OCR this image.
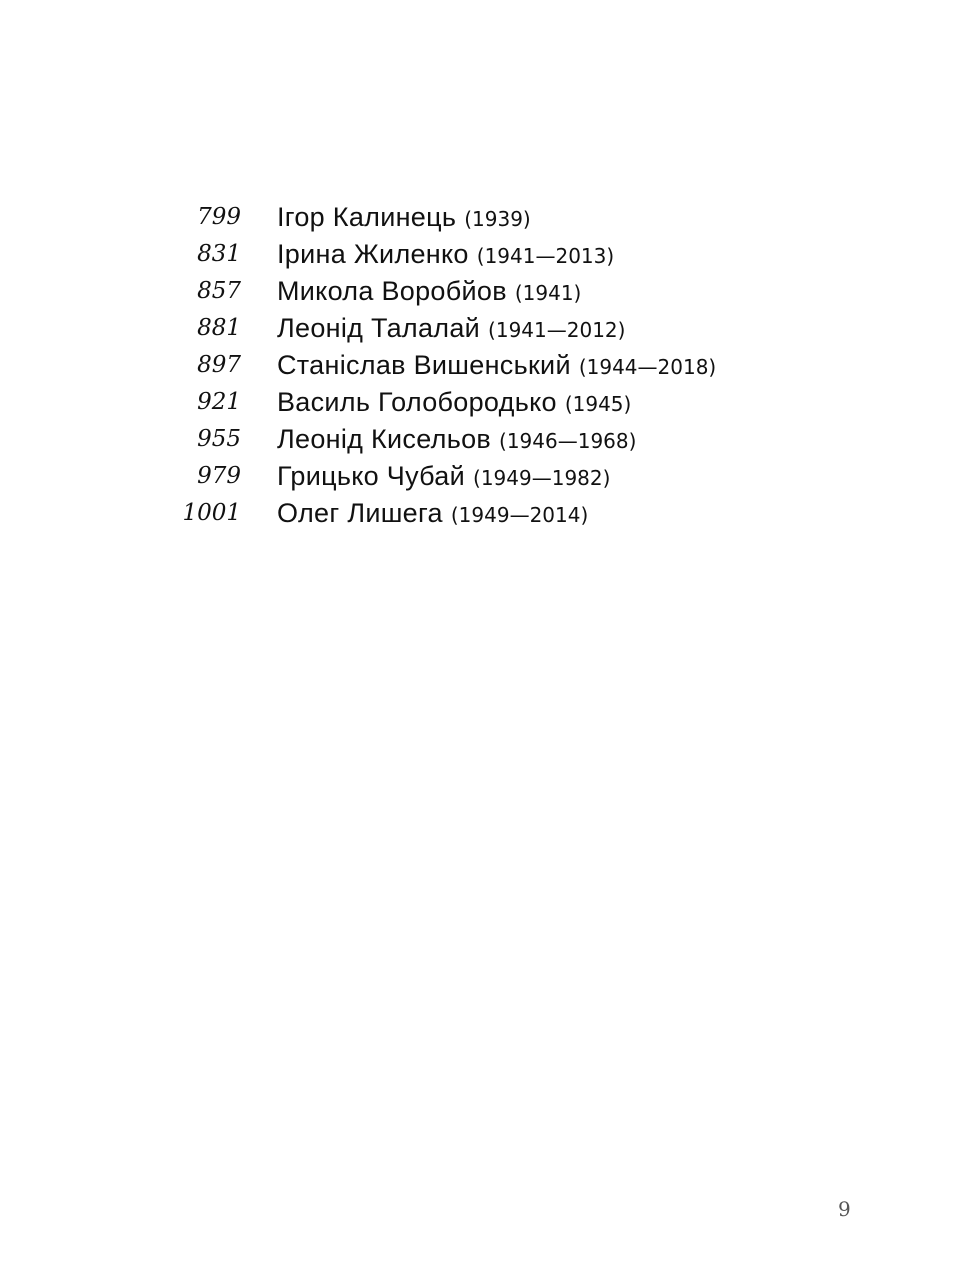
799 Ігор Калинець (1939)
831 Ірина Жиленко (1941—2013)
857 Микола Воробйов (1941)
881 Леонід Талалай (1941—2012)
897 Станіслав Вишенський (1944—2018)
921 Василь Голобородько (1945)
955 Леонід Кисельов (1946—1968)
979 Грицько Чубай (1949—1982)
1001 Олег Лишега (1949—2014)
9
